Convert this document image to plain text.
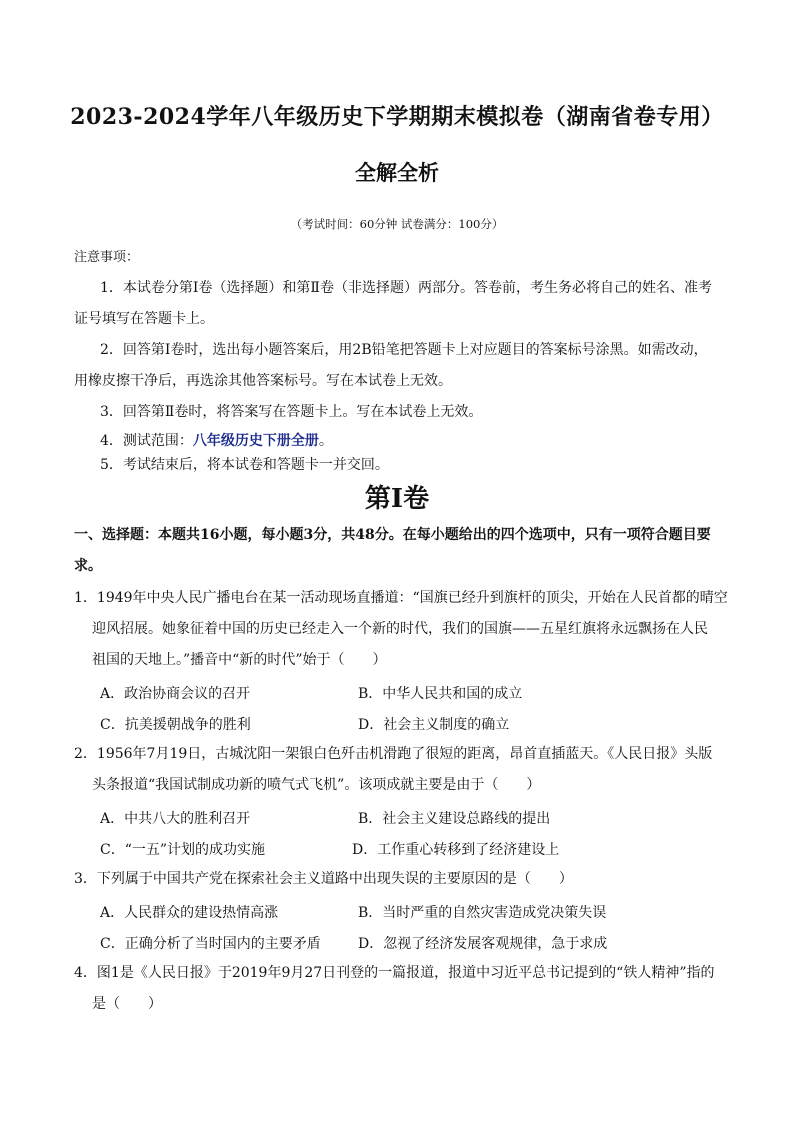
2023-2024学年八年级历史下学期期末模拟卷（湖南省卷专用）
全解全析
（考试时间：60分钟 试卷满分：100分）
注意事项：
1．本试卷分第Ⅰ卷（选择题）和第Ⅱ卷（非选择题）两部分。答卷前，考生务必将自己的姓名、准考
证号填写在答题卡上。
2．回答第Ⅰ卷时，选出每小题答案后，用2B铅笔把答题卡上对应题目的答案标号涂黑。如需改动，
用橡皮擦干净后，再选涂其他答案标号。写在本试卷上无效。
3．回答第Ⅱ卷时，将答案写在答题卡上。写在本试卷上无效。
4．测试范围：八年级历史下册全册。
5．考试结束后，将本试卷和答题卡一并交回。
第Ⅰ卷
一、选择题：本题共16小题，每小题3分，共48分。在每小题给出的四个选项中，只有一项符合题目要
求。
1．1949年中央人民广播电台在某一活动现场直播道：“国旗已经升到旗杆的顶尖，开始在人民首都的晴空
迎风招展。她象征着中国的历史已经走入一个新的时代，我们的国旗——五星红旗将永远飘扬在人民
祖国的天地上。”播音中“新的时代”始于（　　）
A．政治协商会议的召开	B．中华人民共和国的成立
C．抗美援朝战争的胜利	D．社会主义制度的确立
2．1956年7月19日，古城沈阳一架银白色歼击机滑跑了很短的距离，昂首直插蓝天。《人民日报》头版
头条报道“我国试制成功新的喷气式飞机”。该项成就主要是由于（　　）
A．中共八大的胜利召开	B．社会主义建设总路线的提出
C．“一五”计划的成功实施	D．工作重心转移到了经济建设上
3．下列属于中国共产党在探索社会主义道路中出现失误的主要原因的是（　　）
A．人民群众的建设热情高涨	B．当时严重的自然灾害造成党决策失误
C．正确分析了当时国内的主要矛盾	D．忽视了经济发展客观规律，急于求成
4．图1是《人民日报》于2019年9月27日刊登的一篇报道，报道中习近平总书记提到的“铁人精神”指的
是（　　）
